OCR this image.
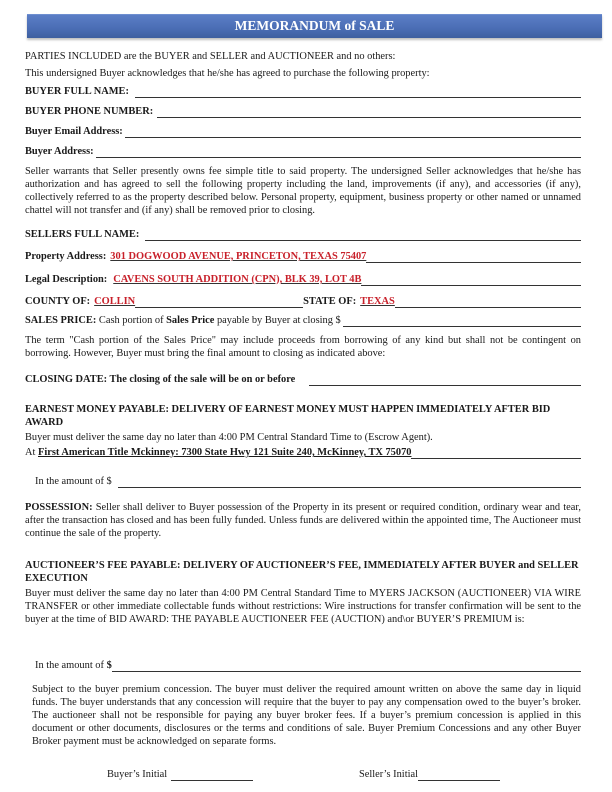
MEMORANDUM of SALE
PARTIES INCLUDED are the BUYER and SELLER and AUCTIONEER and no others:
This undersigned Buyer acknowledges that he/she has agreed to purchase the following property:
BUYER FULL NAME:
BUYER PHONE NUMBER:
Buyer Email Address:
Buyer Address:
Seller warrants that Seller presently owns fee simple title to said property. The undersigned Seller acknowledges that he/she has authorization and has agreed to sell the following property including the land, improvements (if any), and accessories (if any), collectively referred to as the property described below. Personal property, equipment, business property or other named or unnamed chattel will not transfer and (if any) shall be removed prior to closing.
SELLERS FULL NAME:
Property Address: 301 DOGWOOD AVENUE, PRINCETON, TEXAS 75407
Legal Description: CAVENS SOUTH ADDITION (CPN), BLK 39, LOT 4B
COUNTY OF: COLLIN	STATE OF: TEXAS
SALES PRICE: Cash portion of Sales Price payable by Buyer at closing $
The term "Cash portion of the Sales Price" may include proceeds from borrowing of any kind but shall not be contingent on borrowing. However, Buyer must bring the final amount to closing as indicated above:
CLOSING DATE: The closing of the sale will be on or before
EARNEST MONEY PAYABLE: DELIVERY OF EARNEST MONEY MUST HAPPEN IMMEDIATELY AFTER BID AWARD
Buyer must deliver the same day no later than 4:00 PM Central Standard Time to (Escrow Agent).
At First American Title Mckinney: 7300 State Hwy 121 Suite 240, McKinney, TX 75070
In the amount of $
POSSESSION: Seller shall deliver to Buyer possession of the Property in its present or required condition, ordinary wear and tear, after the transaction has closed and has been fully funded. Unless funds are delivered within the appointed time, The Auctioneer must continue the sale of the property.
AUCTIONEER’S FEE PAYABLE: DELIVERY OF AUCTIONEER’S FEE, IMMEDIATELY AFTER BUYER and SELLER EXECUTION
Buyer must deliver the same day no later than 4:00 PM Central Standard Time to MYERS JACKSON (AUCTIONEER) VIA WIRE TRANSFER or other immediate collectable funds without restrictions: Wire instructions for transfer confirmation will be sent to the buyer at the time of BID AWARD: THE PAYABLE AUCTIONEER FEE (AUCTION) and\or BUYER’S PREMIUM is:
In the amount of $
Subject to the buyer premium concession. The buyer must deliver the required amount written on above the same day in liquid funds. The buyer understands that any concession will require that the buyer to pay any compensation owed to the buyer’s broker. The auctioneer shall not be responsible for paying any buyer broker fees. If a buyer’s premium concession is applied in this document or other documents, disclosures or the terms and conditions of sale. Buyer Premium Concessions and any other Buyer Broker payment must be acknowledged on separate forms.
Buyer’s Initial	Seller’s Initial
